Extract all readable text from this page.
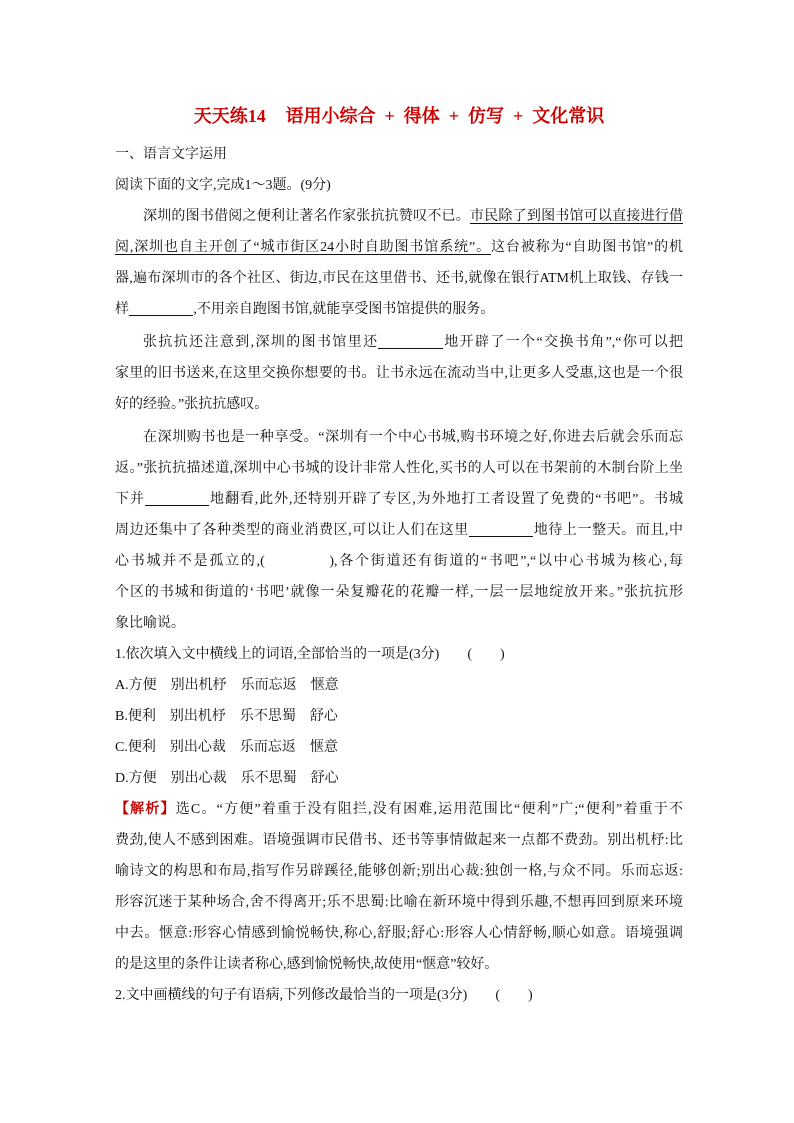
天天练14 语用小综合 + 得体 + 仿写 + 文化常识
一、语言文字运用
阅读下面的文字,完成1～3题。(9分)
深圳的图书借阅之便利让著名作家张抗抗赞叹不已。市民除了到图书馆可以直接进行借
阅,深圳也自主开创了“城市街区24小时自助图书馆系统”。这台被称为“自助图书馆”的机
器,遍布深圳市的各个社区、街边,市民在这里借书、还书,就像在银行ATM机上取钱、存钱一
样	,不用亲自跑图书馆,就能享受图书馆提供的服务。
张抗抗还注意到,深圳的图书馆里还	地开辟了一个“交换书角”,“你可以把
家里的旧书送来,在这里交换你想要的书。让书永远在流动当中,让更多人受惠,这也是一个很
好的经验。”张抗抗感叹。
在深圳购书也是一种享受。“深圳有一个中心书城,购书环境之好,你进去后就会乐而忘
返。”张抗抗描述道,深圳中心书城的设计非常人性化,买书的人可以在书架前的木制台阶上坐
下并	地翻看,此外,还特别开辟了专区,为外地打工者设置了免费的“书吧”。书城
周边还集中了各种类型的商业消费区,可以让人们在这里	地待上一整天。而且,中
心书城并不是孤立的,(　　　　),各个街道还有街道的“书吧”,“以中心书城为核心,每
个区的书城和街道的‘书吧’就像一朵复瓣花的花瓣一样,一层一层地绽放开来。”张抗抗形
象比喻说。
1.依次填入文中横线上的词语,全部恰当的一项是(3分) (　　)
A.方便 别出机杼 乐而忘返 惬意
B.便利 别出机杼 乐不思蜀 舒心
C.便利 别出心裁 乐而忘返 惬意
D.方便 别出心裁 乐不思蜀 舒心
【解析】选C。“方便”着重于没有阻拦,没有困难,运用范围比“便利”广;“便利”着重于不
费劲,使人不感到困难。语境强调市民借书、还书等事情做起来一点都不费劲。别出机杼:比
喻诗文的构思和布局,指写作另辟蹊径,能够创新;别出心裁:独创一格,与众不同。乐而忘返:
形容沉迷于某种场合,舍不得离开;乐不思蜀:比喻在新环境中得到乐趣,不想再回到原来环境
中去。惬意:形容心情感到愉悦畅快,称心,舒服;舒心:形容人心情舒畅,顺心如意。语境强调
的是这里的条件让读者称心,感到愉悦畅快,故使用“惬意”较好。
2.文中画横线的句子有语病,下列修改最恰当的一项是(3分) (　　)
